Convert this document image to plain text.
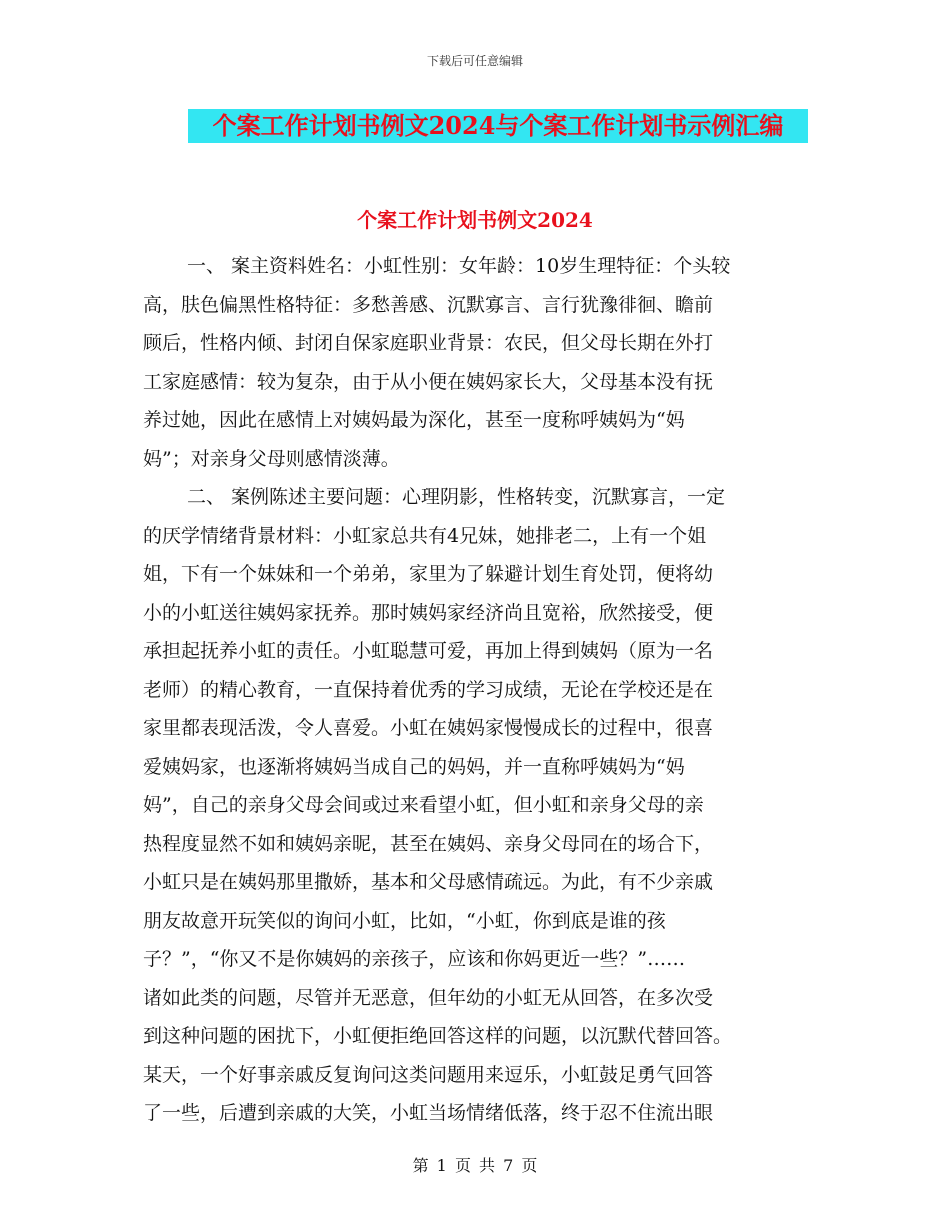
下载后可任意编辑
个案工作计划书例文2024与个案工作计划书示例汇编
个案工作计划书例文2024
一、 案主资料姓名：小虹性别：女年龄：10岁生理特征：个头较
高，肤色偏黑性格特征：多愁善感、沉默寡言、言行犹豫徘徊、瞻前
顾后，性格内倾、封闭自保家庭职业背景：农民，但父母长期在外打
工家庭感情：较为复杂，由于从小便在姨妈家长大，父母基本没有抚
养过她，因此在感情上对姨妈最为深化，甚至一度称呼姨妈为“妈
妈”；对亲身父母则感情淡薄。
二、 案例陈述主要问题：心理阴影，性格转变，沉默寡言，一定
的厌学情绪背景材料：小虹家总共有4兄妹，她排老二，上有一个姐
姐，下有一个妹妹和一个弟弟，家里为了躲避计划生育处罚，便将幼
小的小虹送往姨妈家抚养。那时姨妈家经济尚且宽裕，欣然接受，便
承担起抚养小虹的责任。小虹聪慧可爱，再加上得到姨妈（原为一名
老师）的精心教育，一直保持着优秀的学习成绩，无论在学校还是在
家里都表现活泼，令人喜爱。小虹在姨妈家慢慢成长的过程中，很喜
爱姨妈家，也逐渐将姨妈当成自己的妈妈，并一直称呼姨妈为“妈
妈”，自己的亲身父母会间或过来看望小虹，但小虹和亲身父母的亲
热程度显然不如和姨妈亲昵，甚至在姨妈、亲身父母同在的场合下，
小虹只是在姨妈那里撒娇，基本和父母感情疏远。为此，有不少亲戚
朋友故意开玩笑似的询问小虹，比如，“小虹，你到底是谁的孩
子？”，“你又不是你姨妈的亲孩子，应该和你妈更近一些？”……
诸如此类的问题，尽管并无恶意，但年幼的小虹无从回答，在多次受
到这种问题的困扰下，小虹便拒绝回答这样的问题，以沉默代替回答。
某天，一个好事亲戚反复询问这类问题用来逗乐，小虹鼓足勇气回答
了一些，后遭到亲戚的大笑，小虹当场情绪低落，终于忍不住流出眼
第 1 页 共 7 页
